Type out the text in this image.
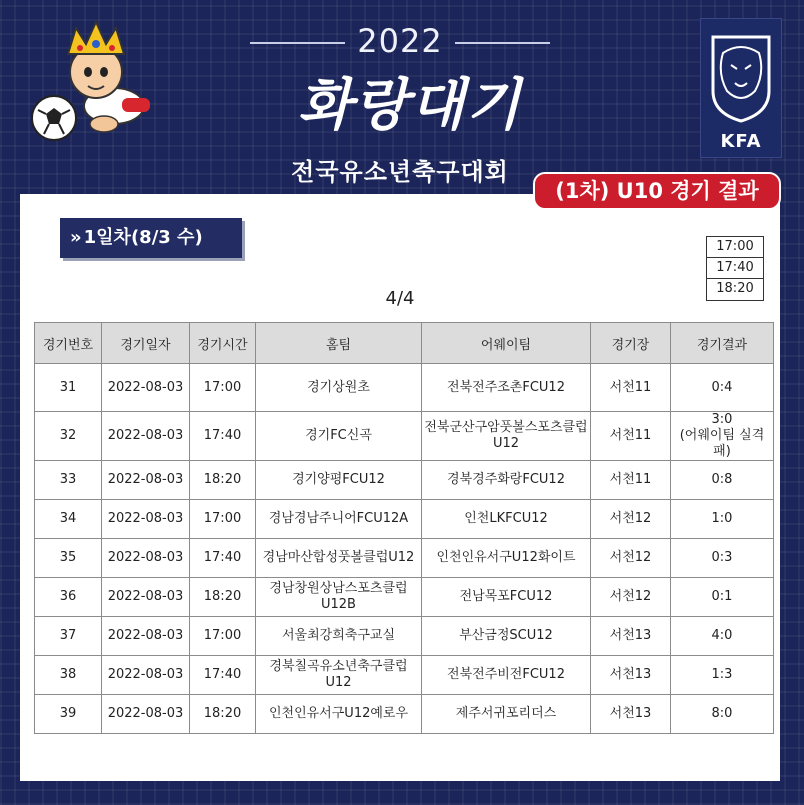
2022
화랑대기
전국유소년축구대회
KFA
(1차) U10 경기 결과
» 1일차(8/3 수)	17:00
17:40
18:20
4/4
경기번호	경기일자	경기시간	홈팀	어웨이팀	경기장	경기결과
31	2022-08-03	17:00	경기상원초	전북전주조촌FCU12	서천11	0:4
32	2022-08-03	17:40	경기FC신곡	전북군산구암풋볼스포츠클럽U12	서천11	3:0
(어웨이팀 실격패)

33	2022-08-03	18:20	경기양평FCU12	경북경주화랑FCU12	서천11	0:8
34	2022-08-03	17:00	경남경남주니어FCU12A	인천LKFCU12	서천12	1:0
35	2022-08-03	17:40	경남마산합성풋볼클럽U12	인천인유서구U12화이트	서천12	0:3
36	2022-08-03	18:20	경남창원상남스포츠클럽U12B	전남목포FCU12	서천12	0:1
37	2022-08-03	17:00	서울최강희축구교실	부산금정SCU12	서천13	4:0
38	2022-08-03	17:40	경북칠곡유소년축구클럽U12	전북전주비전FCU12	서천13	1:3
39	2022-08-03	18:20	인천인유서구U12예로우	제주서귀포리더스	서천13	8:0
